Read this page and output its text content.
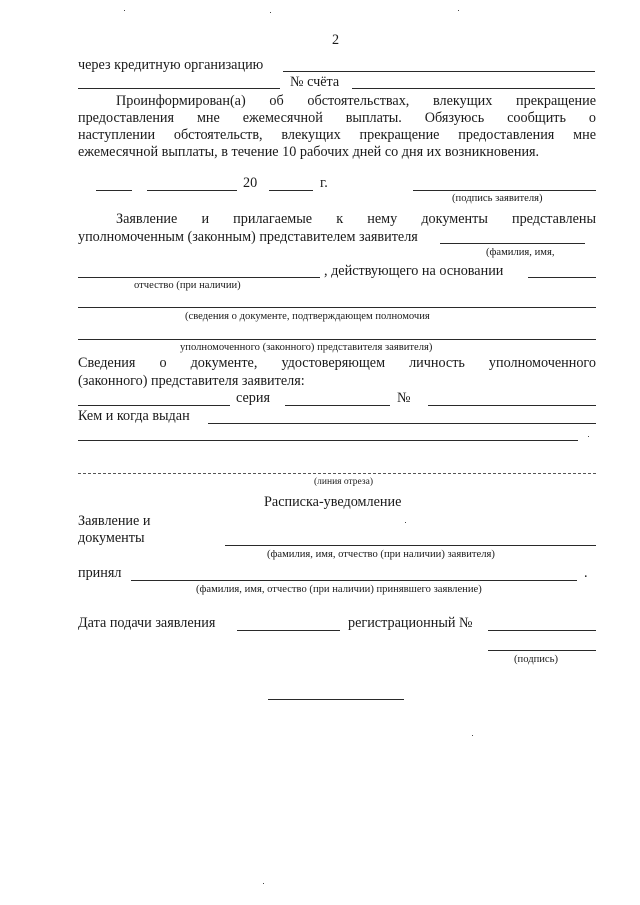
2
через кредитную организацию
№ счёта
Проинформирован(а) об обстоятельствах, влекущих прекращение
предоставления мне ежемесячной выплаты. Обязуюсь сообщить о
наступлении обстоятельств, влекущих прекращение предоставления мне
ежемесячной выплаты, в течение 10 рабочих дней со дня их возникновения.
20	г.
(подпись заявителя)
Заявление и прилагаемые к нему документы представлены
уполномоченным (законным) представителем заявителя
(фамилия, имя,
, действующего на основании
отчество (при наличии)
(сведения о документе, подтверждающем полномочия
уполномоченного (законного) представителя заявителя)
Сведения о документе, удостоверяющем личность уполномоченного
(законного) представителя заявителя:
серия	№
Кем и когда выдан
(линия отреза)
Расписка-уведомление
Заявление и
документы
(фамилия, имя, отчество (при наличии) заявителя)
принял	.
(фамилия, имя, отчество (при наличии) принявшего заявление)
Дата подачи заявления	регистрационный №
(подпись)
